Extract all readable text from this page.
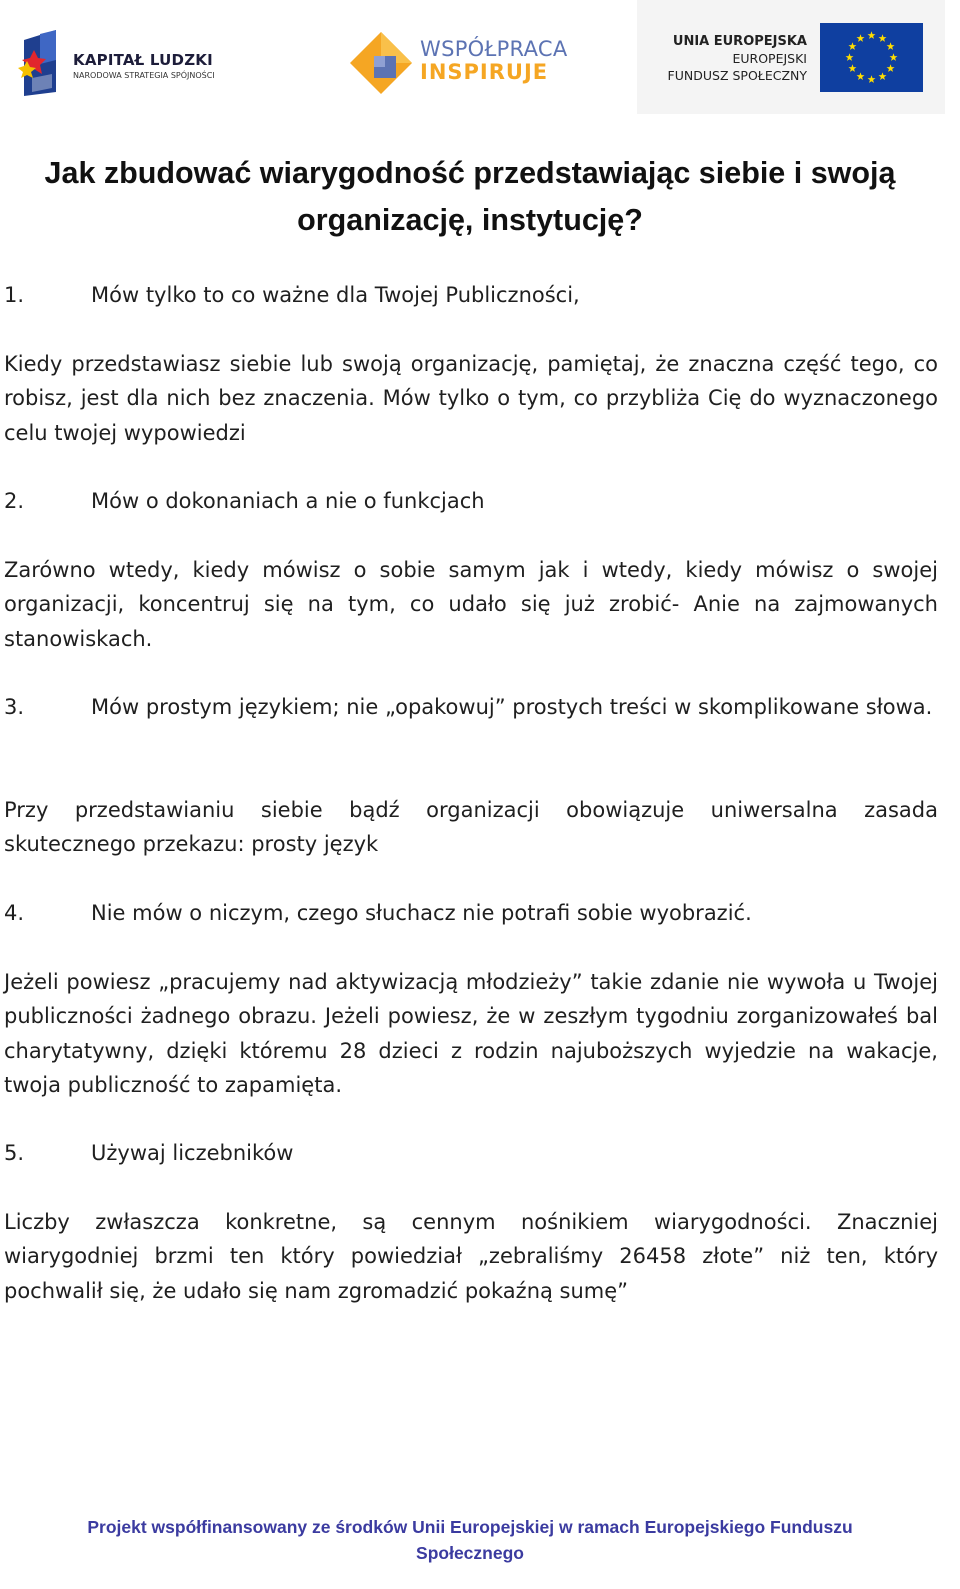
KAPITAŁ LUDZKI
NARODOWA STRATEGIA SPÓJNOŚCI
WSPÓŁPRACA
INSPIRUJE
UNIA EUROPEJSKA
EUROPEJSKI
FUNDUSZ SPOŁECZNY
Jak zbudować wiarygodność przedstawiając siebie i swoją organizację, instytucję?
1.	Mów tylko to co ważne dla Twojej Publiczności,

Kiedy przedstawiasz siebie lub swoją organizację, pamiętaj, że znaczna część tego, co robisz, jest dla nich bez znaczenia. Mów tylko o tym, co przybliża Cię do wyznaczonego celu twojej wypowiedzi

2.	Mów o dokonaniach a nie o funkcjach

Zarówno wtedy, kiedy mówisz o sobie samym jak i wtedy, kiedy mówisz o swojej organizacji, koncentruj się na tym, co udało się już zrobić- Anie na zajmowanych stanowiskach.

3.	Mów prostym językiem; nie „opakowuj” prostych treści w skomplikowane słowa.

Przy przedstawianiu siebie bądź organizacji obowiązuje uniwersalna zasada skutecznego przekazu: prosty język

4.	Nie mów o niczym, czego słuchacz nie potrafi sobie wyobrazić.

Jeżeli powiesz „pracujemy nad aktywizacją młodzieży” takie zdanie nie wywoła u Twojej publiczności żadnego obrazu. Jeżeli powiesz, że w zeszłym tygodniu zorganizowałeś bal charytatywny, dzięki któremu 28 dzieci z rodzin najuboższych wyjedzie na wakacje, twoja publiczność to zapamięta.

5.	Używaj liczebników

Liczby zwłaszcza konkretne, są cennym nośnikiem wiarygodności. Znaczniej wiarygodniej brzmi ten który powiedział „zebraliśmy 26458 złote” niż ten, który pochwalił się, że udało się nam zgromadzić pokaźną sumę”

Projekt współfinansowany ze środków Unii Europejskiej w ramach Europejskiego Funduszu Społecznego
